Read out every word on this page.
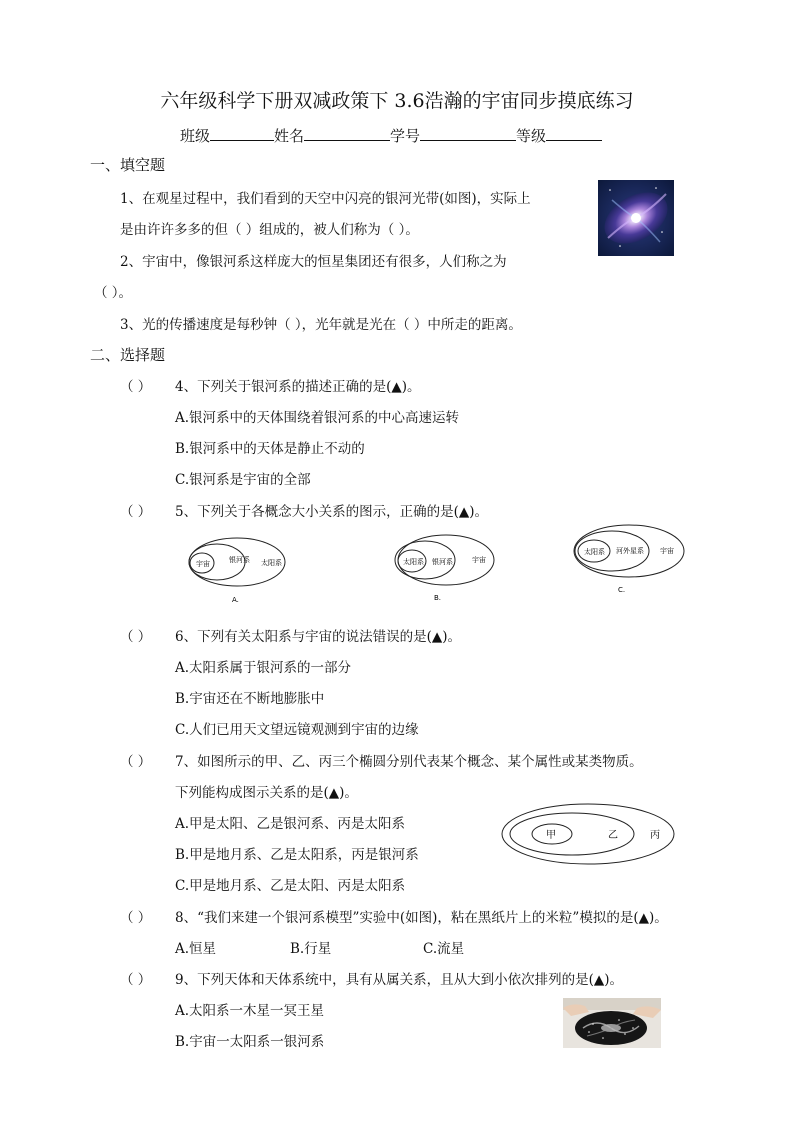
六年级科学下册双减政策下 3.6浩瀚的宇宙同步摸底练习
班级	姓名	学号	等级
一、填空题
1、在观星过程中，我们看到的天空中闪亮的银河光带(如图)，实际上
是由许许多多的但（ ）组成的，被人们称为（ ）。
2、宇宙中，像银河系这样庞大的恒星集团还有很多，人们称之为
（ ）。
3、光的传播速度是每秒钟（ ），光年就是光在（ ）中所走的距离。
二、选择题
（ ） 4、下列关于银河系的描述正确的是(▲)。
A.银河系中的天体围绕着银河系的中心高速运转
B.银河系中的天体是静止不动的
C.银河系是宇宙的全部
（ ） 5、下列关于各概念大小关系的图示，正确的是(▲)。
宇宙	银河系 太阳系
A.
太阳系 银河系	宇宙
B.
太阳系 河外星系 宇宙
C.
（ ） 6、下列有关太阳系与宇宙的说法错误的是(▲)。
A.太阳系属于银河系的一部分
B.宇宙还在不断地膨胀中
C.人们已用天文望远镜观测到宇宙的边缘
（ ） 7、如图所示的甲、乙、丙三个椭圆分别代表某个概念、某个属性或某类物质。
下列能构成图示关系的是(▲)。
A.甲是太阳、乙是银河系、丙是太阳系
B.甲是地月系、乙是太阳系，丙是银河系
C.甲是地月系、乙是太阳、丙是太阳系
甲	乙	丙
（ ） 8、“我们来建一个银河系模型”实验中(如图)，粘在黑纸片上的米粒”模拟的是(▲)。
A.恒星	B.行星	C.流星
（ ） 9、下列天体和天体系统中，具有从属关系，且从大到小依次排列的是(▲)。
A.太阳系一木星一冥王星
B.宇宙一太阳系一银河系
